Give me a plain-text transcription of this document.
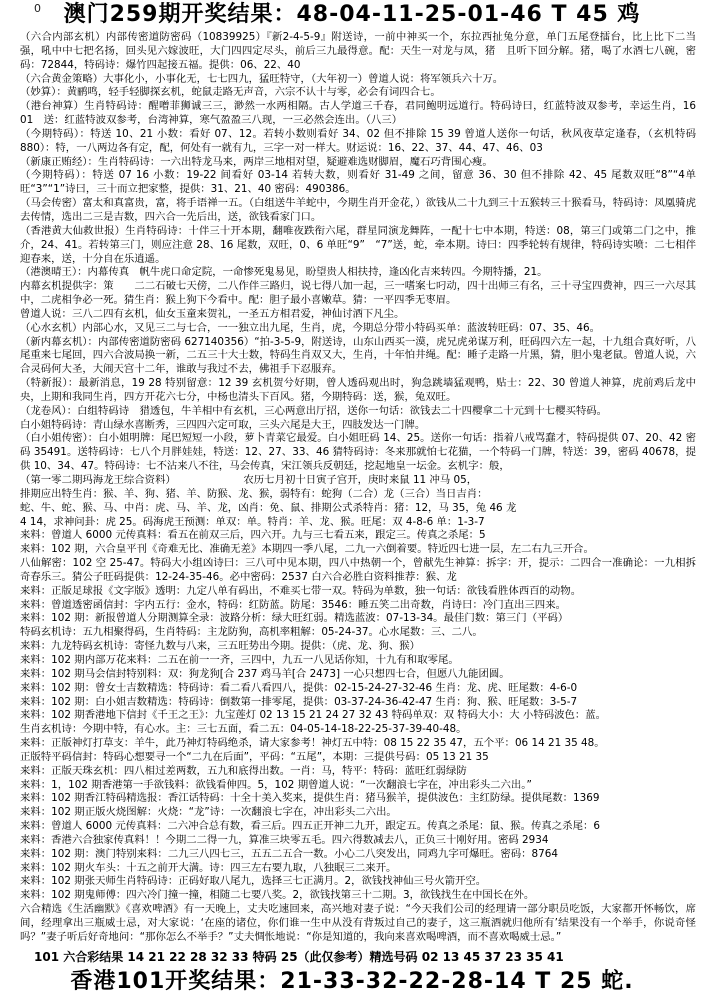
0	澳门259期开奖结果：48-04-11-25-01-46 T 45 鸡

（六合内部玄机）内部传密道防密码（10839925）『新2-4-5-9』附送诗，一前中神买一个，东拉西扯兔分意，单门五尾登擂台，比上比下二当强，吼中中七把名扬，回头见六嫁波旺，大门四四定尽头，前后三九最得意。配：天生一对龙与凤，猪　且听下回分解。猪，喝了水酒七八碗，密码：72844，特码诗：爆竹四起接五福。提供：06、22、40

（六合黄金策略）大事化小，小事化无，七七四九，猛旺特守，（大年初一）曾道人说：将军领兵六十万。

（妙算）：黄鹂鸣，轻手轻脚探玄机，蛇鼠走路无声音，六宗不认十与零，必会有词四合七。

（港台神算）生肖特码诗：醒噌菲狮诚三三，渺然一水两相隔。古人学道三千春，君同鲍明远道行。特码诗曰，红蓝特波双参考，幸运生肖，16　01　送：红蓝特波双参考，台湾神算，寒气盈盈三八现，一三必然会连出。（八三）

（今期特码）：特送 10、21 小数：看好 07、12。若转小数则看好 34、02 但不排除 15 39 曾道人送你一句话，秋风夜草定逢春，（玄机特码 880）：特，一八两边各有定，配，何处有一就有九，三字一对一样大。财运说：16、22、37、44、47、46、03

（新康正贿经）：生肖特码诗：一六出特龙马来，两岸三地相对望，疑避难选财脚眉，魔石巧背围心瘦。

（今期特码）：特送 07 16 小数：19-22 间看好 03-14 若转大数，则看好 31-49 之间，留意 36、30 但不排除 42、45 尾数双旺“8”“4单旺“3”“1”诗曰，三十而立把家整，提供：31、21、40 密码：490386。

（马会传密）富太和真富贵，富，将手语禅一五。（白组送牛羊蛇中，今期生肖开金花，）欲钱从二十九到三十五猴转三十猴看马，特码诗：凤凰骑虎去传情，选出二三是吉数，四六合一先后出，送，欲钱看家门口。

（香港黄大仙救世报）生肖特码诗：十伴三十开本期，翻唯夜跌衔六尾，群星同演龙舞阵，一配十七中本期，特送：08，第三门或第二门之中，推介，24、41。若转第三门，则应注意 28、16 尾数，双旺，0、6 单旺“9”　“7”送，蛇，牵本期。诗曰：四季轮转有规律，特码诗实喷：二七相伴迎春来，送，十分自在乐逍遥。

（港澳晴王）：内幕传真　帆牛虎口命定院，一命惨死鬼易见，盼望贵人相扶持，逢凶化吉来转四。今期特播，21。

内幕玄机提供字：策　　二二石破七天傍，二八作伴三路归，说七得八加一起，三一嗜案七叼动，四十出师三有名，三十寻宝四费神，四三一六尽其中，二虎相争必一死。猜生肖：猴上狗下今看中。配：胆子最小喜嫩草。猜：一平四季无枣眉。

曾道人说：三八二四有玄机，仙女玉童来贺礼，一圣五方相君爱，神仙讨酒下凡尘。

（心水玄机）内部心水，又见三二与七合，一一独立出九尾，生肖，虎，今期总分带小特码买单：蓝波转旺码：07、35、46。

（新内幕玄机）：内部传密道防密码 627140356）“拍-3-5-9，附送诗，山东山西买一漠，虎兄虎弟谋万利，旺码四六左一起，十九组合真好听，八尾重来七尾回，四六合波局换一新，二五三十大士数，特码生肖双又大，生肖，十年怕井绳。配：睡子走路一片黑，猜，胆小鬼老鼠。曾道人说，六合灵码何大圣，大闹天宫十二年，谁敢与我过不去，佛祖手下忍服弃。

（特新报）：最新消息，19 28 特别留意：12 39 玄机贺兮好期，曾人透码观出时，狗急跳墙猛观鸭，贴士：22、30 曾道人神算，虎前鸡后龙中央，上期和我同生肖，四方开花六七分，中杨也清头下百风。猪，今期特码：送，猴，兔双旺。

（龙卷风）：白组特码诗　猎透包，牛羊相中有玄机，三心两意出厅招，送你一句话：欲钱去二十四樱拿二十元到十七樱买特码。

白小姐特码诗：青山绿水喜断秀，三四四六定可取，三头六尾是大王，四肢发达一门牌。

（白小姐传密）：白小姐明牌：尾巴短短一小段，萝卜青菜它最爱。白小姐旺码 14、25。送你一句话：指着八戒骂蠢才，特码提供 07、20、42 密码 35491。送特码诗：七八个月胖娃娃，特送：12、27、33、46 猜特码诗：冬来那就怕七花猫，一个特码一门牌，特送：39，密码 40678，提供 10、34、47。特码诗：七不沾来八不往，马会传真，宋江领兵反朝廷，挖起地皇一坛金。玄机字：般，

（第一零二期玛海龙王综合资料）　　　　　　　农历七月初十日寅子宫开，庚时来鼠 11 冲马 05，

排期应出特生肖：猴、羊、狗、猪、羊、防猴、龙、猴，弱特有：蛇狗（二合）龙（三合）当日吉肖：

蛇、牛、蛇、猴、马、中肖：虎、马、羊、龙，凶肖：免、鼠、排期公式杀特肖：猪：12，马 35，兔 46 龙

4 14，求神问卦：虎 25。码海虎王预测：单双：单。特肖：羊、龙、猴。旺尾：双 4-8-6 单：1-3-7

来料：曾道人 6000 元传真料：看五在前双三后，四六开。九与三七看五来，跟定三。传真之杀尾：5

来料：102 期，六合皇平刊《奇难无比、准确无差》本期四一季八尾，二九一六倒着要。特近四七进一层，左二右九三开合。

八仙解密：102 空 25-47。特码大小组凶诗曰：三八可中见本期，四八中热朝一个，曾献先生神算：拆字：开，提示：二四合一准确论：一九相拆奇春乐三。猜公子旺码提供：12-24-35-46。必中密码：2537 白六合必胜白资料推荐：猴、龙

来料：正版足球报《文字版》透明：九定八单有码出，不难买七带一双。特码为单数，独一句话：欲钱看胜体西百的动物。

来料：曾道透密函信封：字内五行：金水，特码：红防蓝。防尾：3546：睡五笑二出奇数，肖诗曰：冷门直出三四来。

来料：102 期：新报曾道人分期测算全录：波路分析：绿大旺红弱。精选蓝波：07-13-34。最佳门数：第三门（平码）

特码玄机诗：五九相聚得码，生肖特码：主龙防狗，高机率粗解：05-24-37。心水尾数：三、二八。

来料：九龙特码玄机诗：寄怪九数与八来，三五旺势出今期。提供：（虎、龙、狗、猴）

来料：102 期内部万花来料：二五在前一一齐，三四中，九五一八见话你知，十九有和取零尾。

来料：102 期马会信封特别料：双：狗龙狗[合 237 鸡马羊[合 2473] 一心只想四七合，但愿八九能团圆。

来料：102 期：曾女士吉数精选：特码诗：看二看八看四八，提供：02-15-24-27-32-46 生肖：龙、虎、旺尾数：4-6-0

来料：102 期：白小姐吉数精选：特码诗：倒数第一排零尾，提供：03-37-24-36-42-47 生肖：狗、猴、旺尾数：3-5-7

来料：102 期香港地下信封《千王之王》：九宝莲灯 02 13 15 21 24 27 32 43 特码单双：双 特码大小：大 小特码波色：蓝。

生肖玄机诗：今期中特，有心水。主：三七五面，看二五：04-05-14-18-22-25-37-39-40-48。

来料：正版神灯打草支：羊牛，此乃神灯特码绝杀，请大家参考！神灯五中特：08 15 22 35 47，五个平：06 14 21 35 48。

正版特平码信封：特码心想要寻一个“二九在后面”，平码：“五尾”，本期：三提供号码：05 13 21 35

来料：正版天珠玄机：四八相过差两数，五九和底得出数。一肖：马，特平：特码：蓝旺红弱绿防

来料：1，102 期香港第一手欲钱料：欲钱看伸四。5，102 期曾道人说：“一次翻浪七字在，冲出彩头二六出。”

来料：102 期香江特码精选报：香江话特码：十全十美入奖来，提供生肖：猪马猴羊，提供波色：主红防绿。提供尾数：1369

来料：102 期正版火烧图解：火烧：“龙”诗：一次翻浪七字在，冲出彩头二六出。

来料：曾道人 6000 元传真料：二六冲合总有数，看三后。四五正开神二九开，跟定五。传真之杀尾：鼠、猴。传真之杀尾：6

来料：香港六合独家传真料！！今期二二得一九，算准三块零五毛。四六得数减去八，正负三十刚好用。密码 2934

来料：102 期：澳门特别来料：二九三八四七三，五五二五合一数。小心二八突发出，同鸡九字可爆旺。密码：8764

来料：102 期火车头：十五之前开大满。诗：四三左右要九取，八独眠三二来开。

来料：102 期张天师生肖特码诗：正码好取八尾九，选择三七正满月。2，欲钱找神仙三号火箭开空。

来料：102 期鬼师傅：四六冷门撞一撞，相随二七要八奖。2，欲钱找第三十二期。3，欲钱找生在中国长在外。

六合精选《生活幽默》《喜欢啤酒》有一天晚上，丈夫吃速回来，高兴地对妻子说：“今天我们公司的经理请一部分职员吃饭，大家都开怀畅饮，席间，经理拿出三瓶威士忌，对大家说：‘在座的诸位，你们谁一生中从没有背叛过自己的妻子，这三瓶酒就归他所有’结果没有一个举手，你说奇怪吗？”妻子听后好奇地问：“那你怎么不举手？”丈夫惆怅地说：“你是知道的，我向来喜欢喝啤酒，而不喜欢喝威士忌。”

101 六合彩结果 14 21 22 28 32 33 特码 25（此仅参考）精选号码 02 13 45 37 23 35 41
香港101开奖结果：21-33-32-22-28-14 T 25 蛇.
